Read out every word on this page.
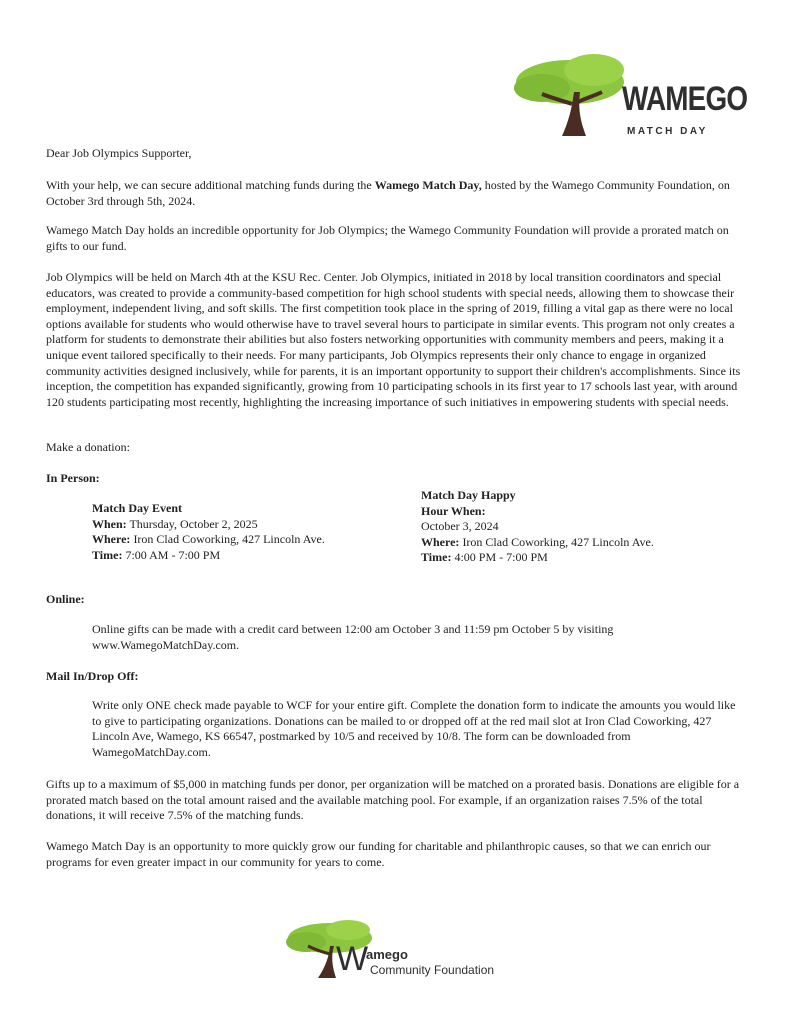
WAMEGO
MATCH DAY
Dear Job Olympics Supporter,
With your help, we can secure additional matching funds during the Wamego Match Day, hosted by the Wamego Community Foundation, on October 3rd through 5th, 2024.
Wamego Match Day holds an incredible opportunity for Job Olympics; the Wamego Community Foundation will provide a prorated match on gifts to our fund.
Job Olympics will be held on March 4th at the KSU Rec. Center. Job Olympics, initiated in 2018 by local transition coordinators and special educators, was created to provide a community-based competition for high school students with special needs, allowing them to showcase their employment, independent living, and soft skills. The first competition took place in the spring of 2019, filling a vital gap as there were no local options available for students who would otherwise have to travel several hours to participate in similar events. This program not only creates a platform for students to demonstrate their abilities but also fosters networking opportunities with community members and peers, making it a unique event tailored specifically to their needs. For many participants, Job Olympics represents their only chance to engage in organized community activities designed inclusively, while for parents, it is an important opportunity to support their children's accomplishments. Since its inception, the competition has expanded significantly, growing from 10 participating schools in its first year to 17 schools last year, with around 120 students participating most recently, highlighting the increasing importance of such initiatives in empowering students with special needs.
Make a donation:
In Person:
Match Day Event
When: Thursday, October 2, 2025
Where: Iron Clad Coworking, 427 Lincoln Ave.
Time: 7:00 AM - 7:00 PM
Match Day Happy
Hour When:
October 3, 2024
Where: Iron Clad Coworking, 427 Lincoln Ave.
Time: 4:00 PM - 7:00 PM
Online:
Online gifts can be made with a credit card between 12:00 am October 3 and 11:59 pm October 5 by visiting www.WamegoMatchDay.com.
Mail In/Drop Off:
Write only ONE check made payable to WCF for your entire gift. Complete the donation form to indicate the amounts you would like to give to participating organizations. Donations can be mailed to or dropped off at the red mail slot at Iron Clad Coworking, 427 Lincoln Ave, Wamego, KS 66547, postmarked by 10/5 and received by 10/8. The form can be downloaded from WamegoMatchDay.com.
Gifts up to a maximum of $5,000 in matching funds per donor, per organization will be matched on a prorated basis. Donations are eligible for a prorated match based on the total amount raised and the available matching pool. For example, if an organization raises 7.5% of the total donations, it will receive 7.5% of the matching funds.
Wamego Match Day is an opportunity to more quickly grow our funding for charitable and philanthropic causes, so that we can enrich our programs for even greater impact in our community for years to come.
W
amego
Community Foundation
